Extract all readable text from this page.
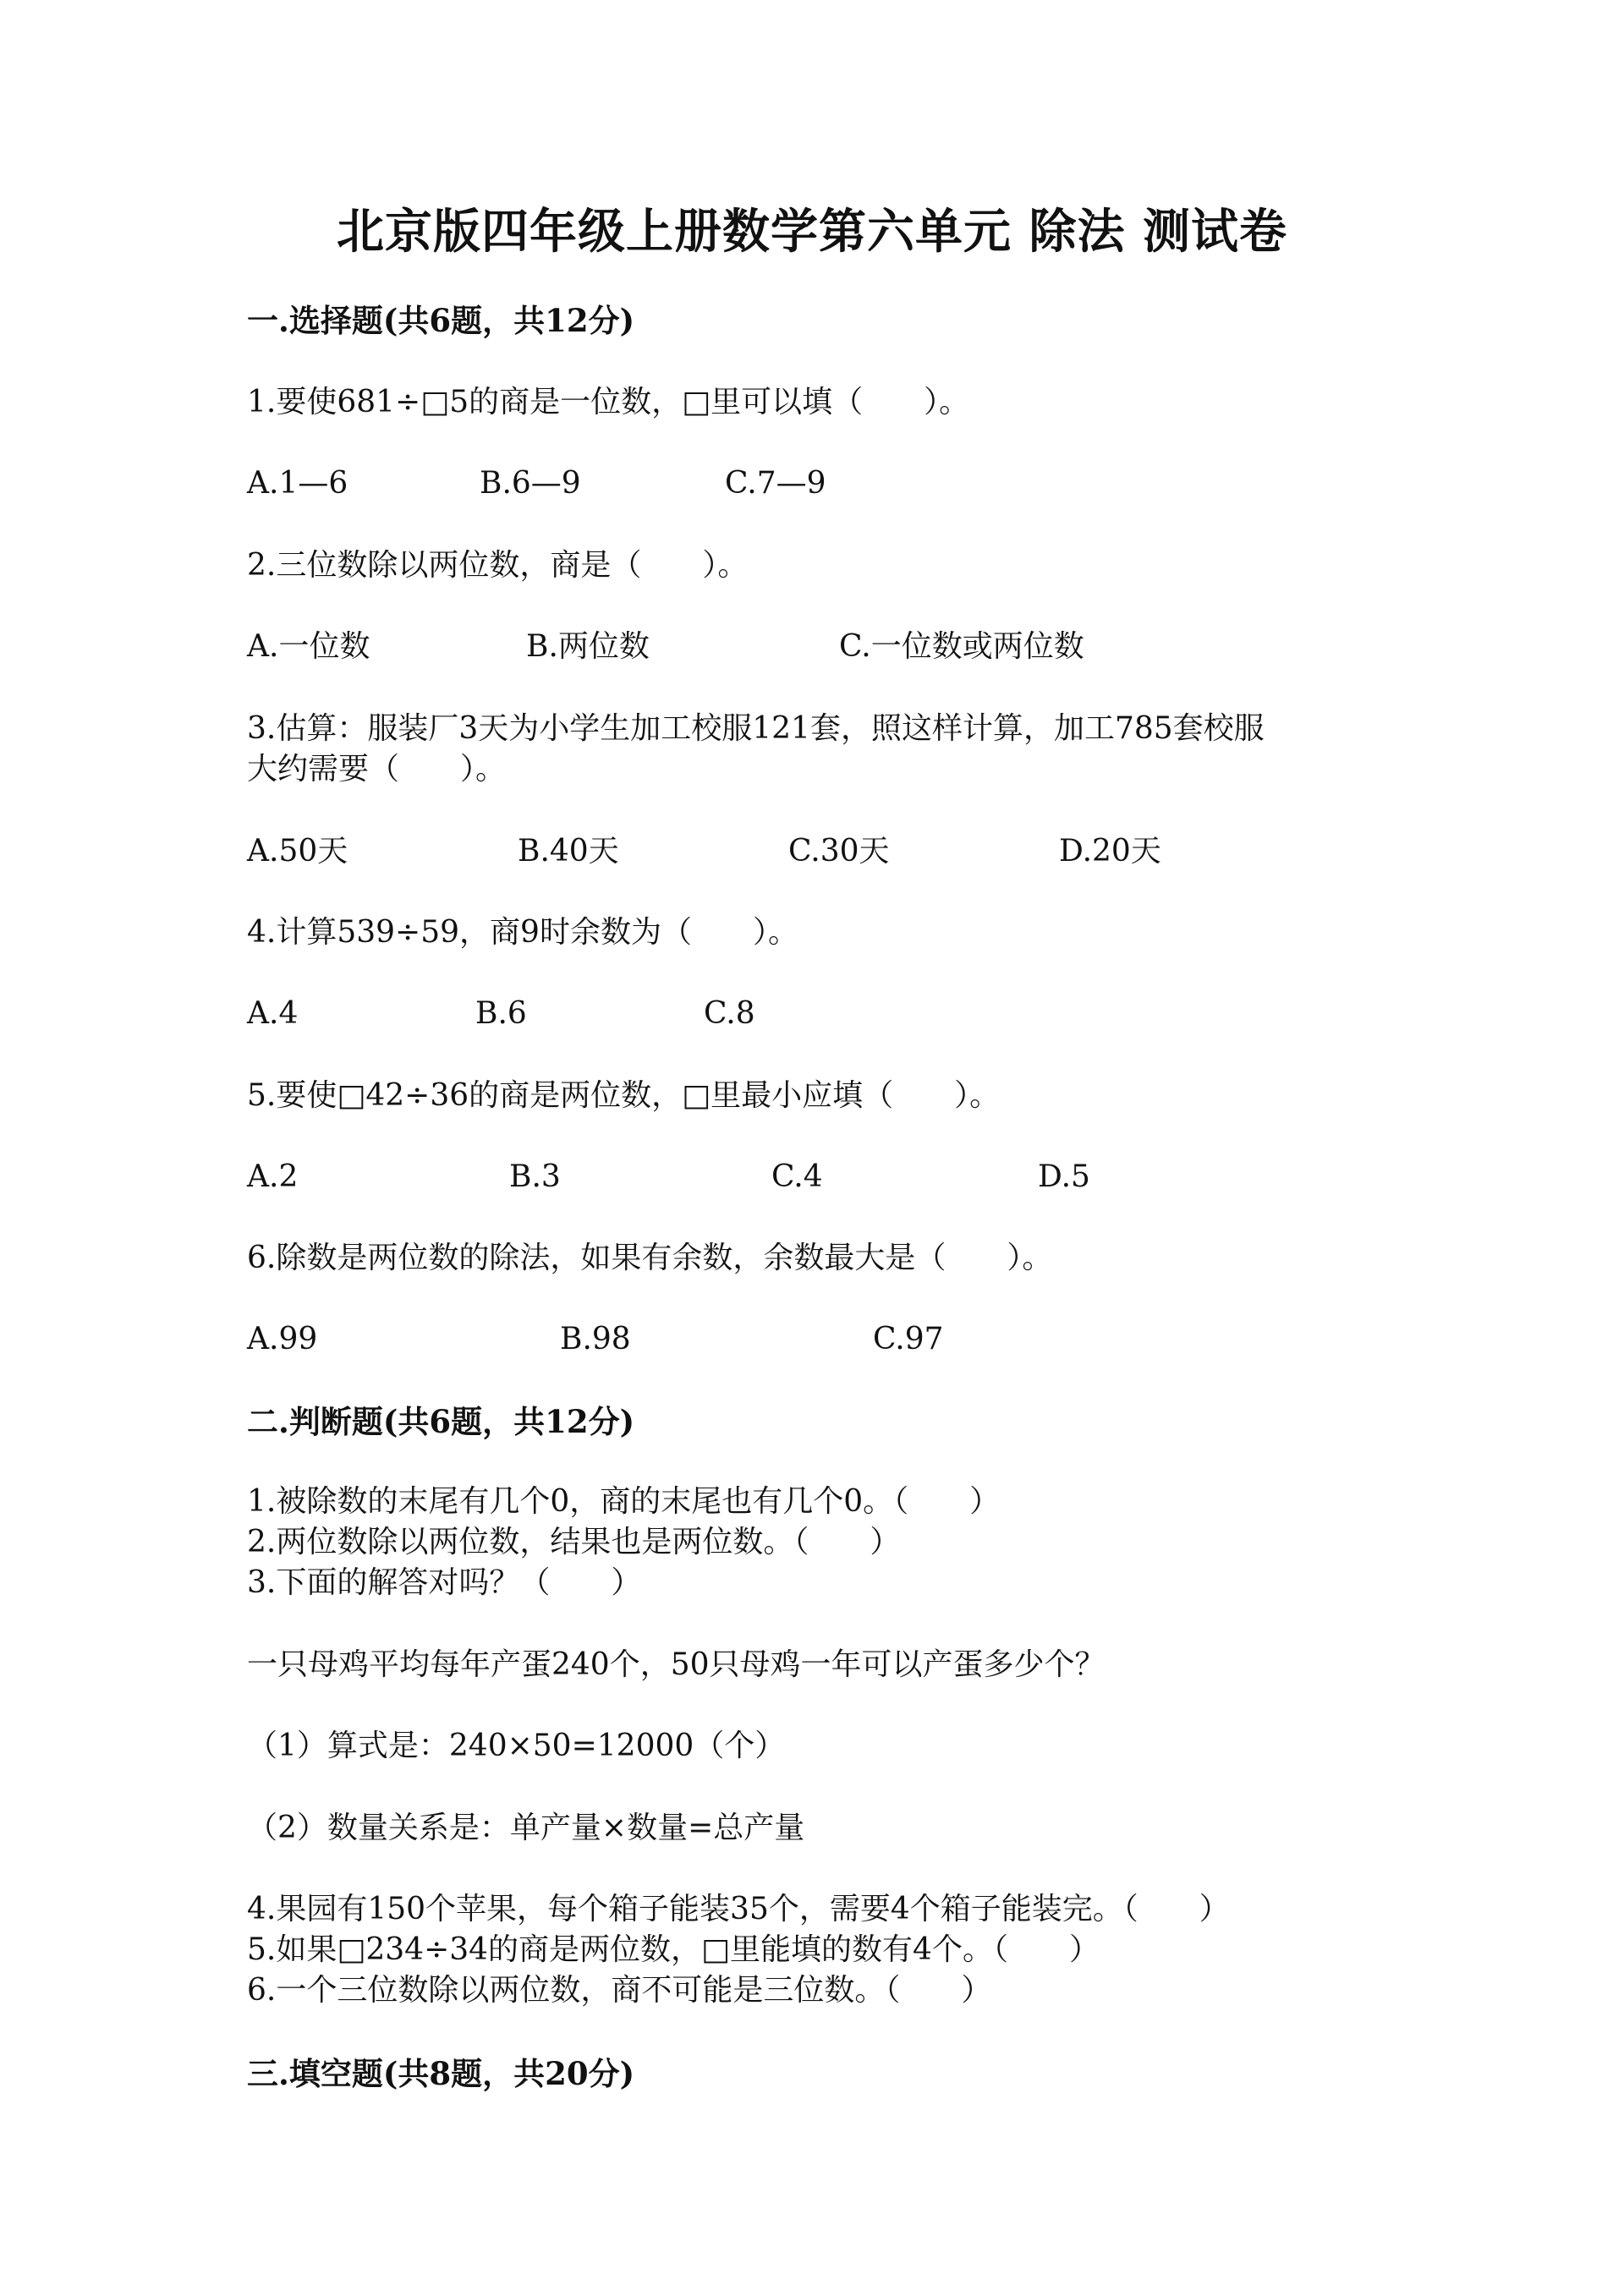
北京版四年级上册数学第六单元 除法 测试卷
一.选择题(共6题，共12分)
1.要使681÷□5的商是一位数，□里可以填（　　）。
A.1—6	B.6—9	C.7—9
2.三位数除以两位数，商是（　　）。
A.一位数	B.两位数	C.一位数或两位数
3.估算：服装厂3天为小学生加工校服121套，照这样计算，加工785套校服
大约需要（　　）。
A.50天	B.40天	C.30天	D.20天
4.计算539÷59，商9时余数为（　　）。
A.4	B.6	C.8
5.要使□42÷36的商是两位数，□里最小应填（　　）。
A.2	B.3	C.4	D.5
6.除数是两位数的除法，如果有余数，余数最大是（　　）。
A.99	B.98	C.97
二.判断题(共6题，共12分)
1.被除数的末尾有几个0，商的末尾也有几个0。（　　）
2.两位数除以两位数，结果也是两位数。（　　）
3.下面的解答对吗？（　　）
一只母鸡平均每年产蛋240个，50只母鸡一年可以产蛋多少个？
（1）算式是：240×50=12000（个）
（2）数量关系是：单产量×数量=总产量
4.果园有150个苹果，每个箱子能装35个，需要4个箱子能装完。（　　）
5.如果□234÷34的商是两位数，□里能填的数有4个。（　　）
6.一个三位数除以两位数，商不可能是三位数。（　　）
三.填空题(共8题，共20分)
